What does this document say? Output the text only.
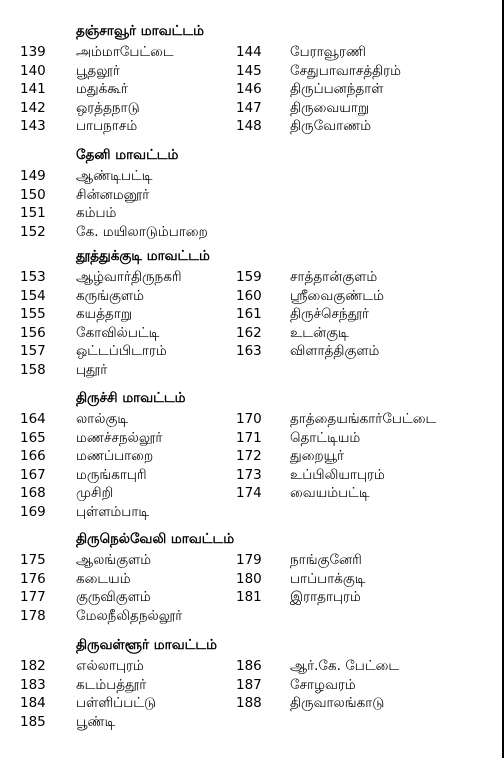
தஞ்சாவூர் மாவட்டம்
139 அம்மாபேட்டை	144 பேராவூரணி
140 பூதலூர்	145 சேதுபாவாசத்திரம்
141 மதுக்கூர்	146 திருப்பனந்தாள்
142 ஒரத்தநாடு	147 திருவையாறு
143 பாபநாசம்	148 திருவோணம்
தேனி மாவட்டம்
149 ஆண்டிபட்டி
150 சின்னமனூர்
151 கம்பம்
152 கே. மயிலாடும்பாறை
தூத்துக்குடி மாவட்டம்
153 ஆழ்வார்திருநகரி	159 சாத்தான்குளம்
154 கருங்குளம்	160 ஸ்ரீவைகுண்டம்
155 கயத்தாறு	161 திருச்செந்தூர்
156 கோவில்பட்டி	162 உடன்குடி
157 ஒட்டப்பிடாரம்	163 விளாத்திகுளம்
158 புதூர்
திருச்சி மாவட்டம்
164 லால்குடி	170 தாத்தையங்கார்பேட்டை
165 மணச்சநல்லூர்	171 தொட்டியம்
166 மணப்பாறை	172 துறையூர்
167 மருங்காபுரி	173 உப்பிலியாபுரம்
168 முசிறி	174 வையம்பட்டி
169 புள்ளம்பாடி
திருநெல்வேலி மாவட்டம்
175 ஆலங்குளம்	179 நாங்குனேரி
176 கடையம்	180 பாப்பாக்குடி
177 குருவிகுளம்	181 இராதாபுரம்
178 மேலநீலிதநல்லூர்
திருவள்ளூர் மாவட்டம்
182 எல்லாபுரம்	186 ஆர்.கே. பேட்டை
183 கடம்பத்தூர்	187 சோழவரம்
184 பள்ளிப்பட்டு	188 திருவாலங்காடு
185 பூண்டி
